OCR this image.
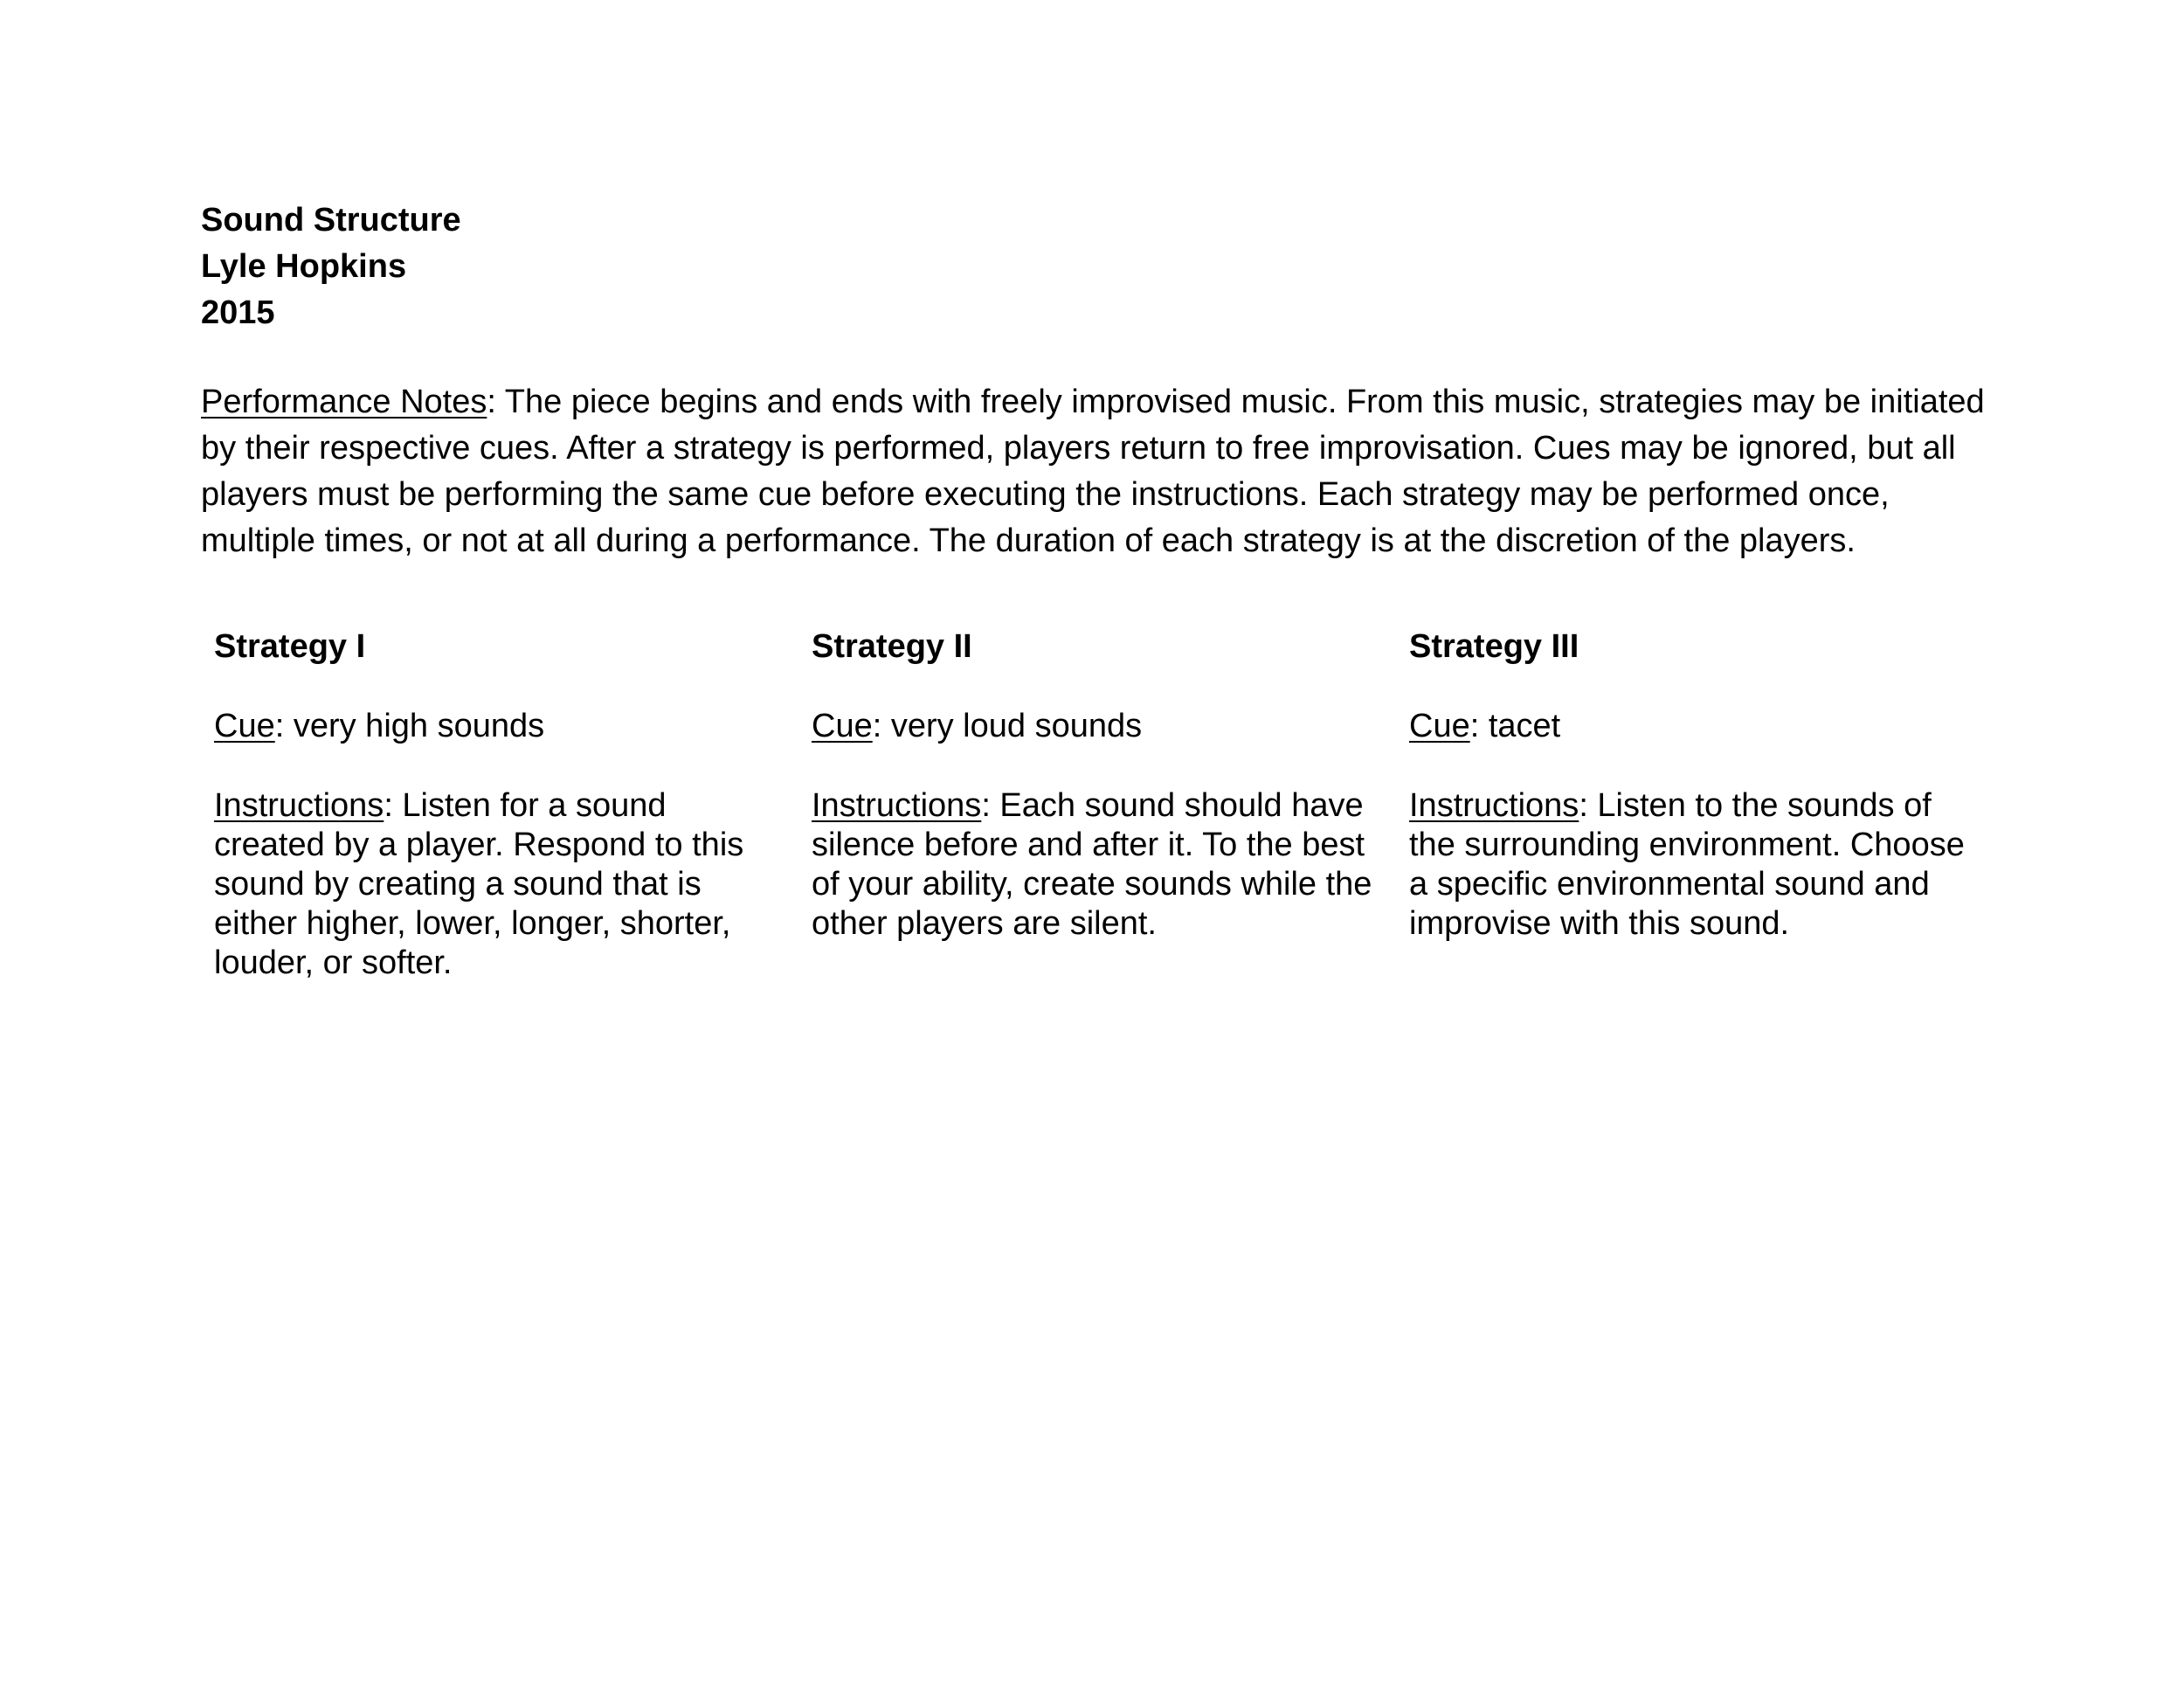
Sound Structure
Lyle Hopkins
2015
Performance Notes: The piece begins and ends with freely improvised music. From this music, strategies may be initiated
by their respective cues. After a strategy is performed, players return to free improvisation. Cues may be ignored, but all
players must be performing the same cue before executing the instructions. Each strategy may be performed once,
multiple times, or not at all during a performance. The duration of each strategy is at the discretion of the players.
Strategy I
Cue: very high sounds
Instructions: Listen for a sound
created by a player. Respond to this
sound by creating a sound that is
either higher, lower, longer, shorter,
louder, or softer.
Strategy II
Cue: very loud sounds
Instructions: Each sound should have
silence before and after it. To the best
of your ability, create sounds while the
other players are silent.
Strategy III
Cue: tacet
Instructions: Listen to the sounds of
the surrounding environment. Choose
a specific environmental sound and
improvise with this sound.
